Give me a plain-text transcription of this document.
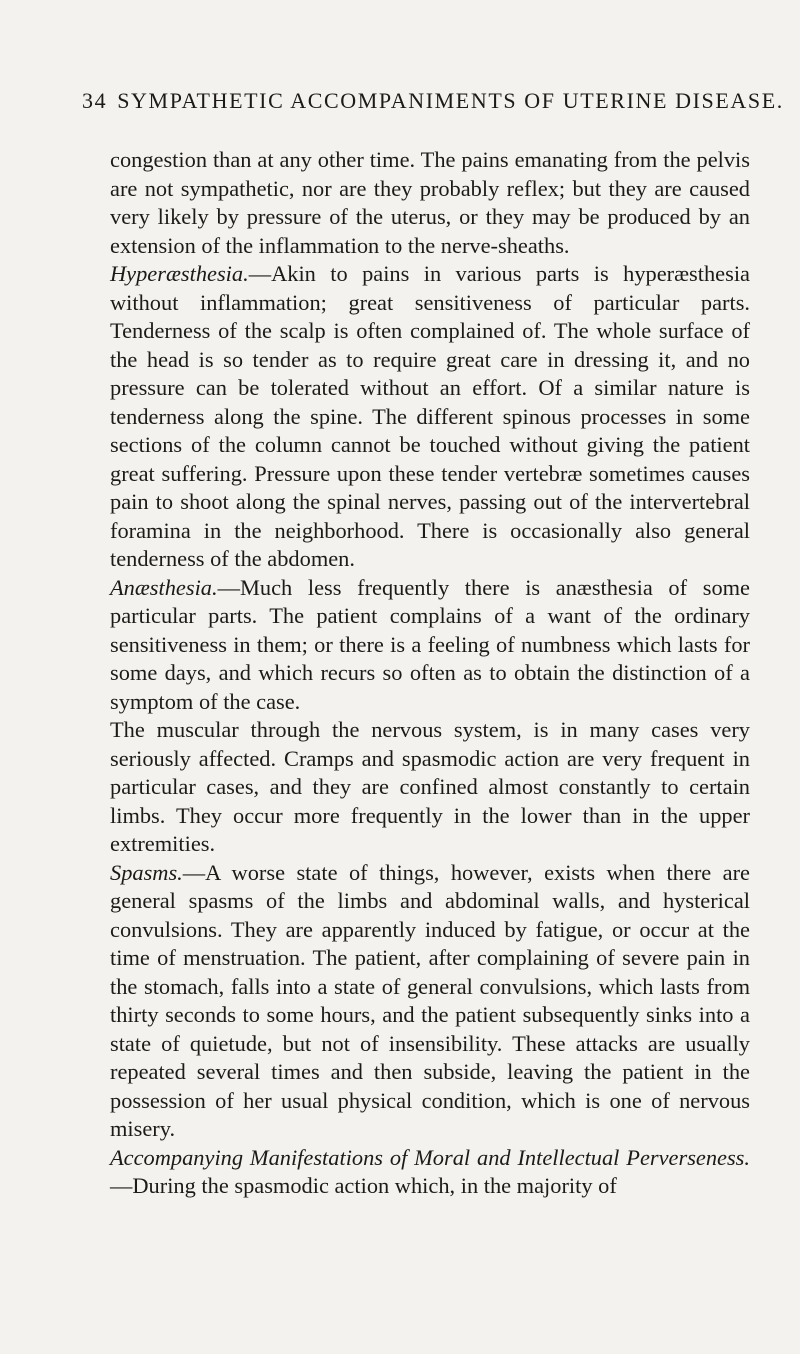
34 SYMPATHETIC ACCOMPANIMENTS OF UTERINE DISEASE.

congestion than at any other time. The pains emanating from the pelvis are not sympathetic, nor are they probably reflex; but they are caused very likely by pressure of the uterus, or they may be produced by an extension of the inflammation to the nerve-sheaths.

Hyperæsthesia.—Akin to pains in various parts is hyperæsthesia without inflammation; great sensitiveness of particular parts. Tenderness of the scalp is often complained of. The whole surface of the head is so tender as to require great care in dressing it, and no pressure can be tolerated without an effort. Of a similar nature is tenderness along the spine. The different spinous processes in some sections of the column cannot be touched without giving the patient great suffering. Pressure upon these tender vertebræ sometimes causes pain to shoot along the spinal nerves, passing out of the intervertebral foramina in the neighborhood. There is occasionally also general tenderness of the abdomen.

Anæsthesia.—Much less frequently there is anæsthesia of some particular parts. The patient complains of a want of the ordinary sensitiveness in them; or there is a feeling of numbness which lasts for some days, and which recurs so often as to obtain the distinction of a symptom of the case.

The muscular through the nervous system, is in many cases very seriously affected. Cramps and spasmodic action are very frequent in particular cases, and they are confined almost constantly to certain limbs. They occur more frequently in the lower than in the upper extremities.

Spasms.—A worse state of things, however, exists when there are general spasms of the limbs and abdominal walls, and hysterical convulsions. They are apparently induced by fatigue, or occur at the time of menstruation. The patient, after complaining of severe pain in the stomach, falls into a state of general convulsions, which lasts from thirty seconds to some hours, and the patient subsequently sinks into a state of quietude, but not of insensibility. These attacks are usually repeated several times and then subside, leaving the patient in the possession of her usual physical condition, which is one of nervous misery.

Accompanying Manifestations of Moral and Intellectual Perverseness.—During the spasmodic action which, in the majority of
